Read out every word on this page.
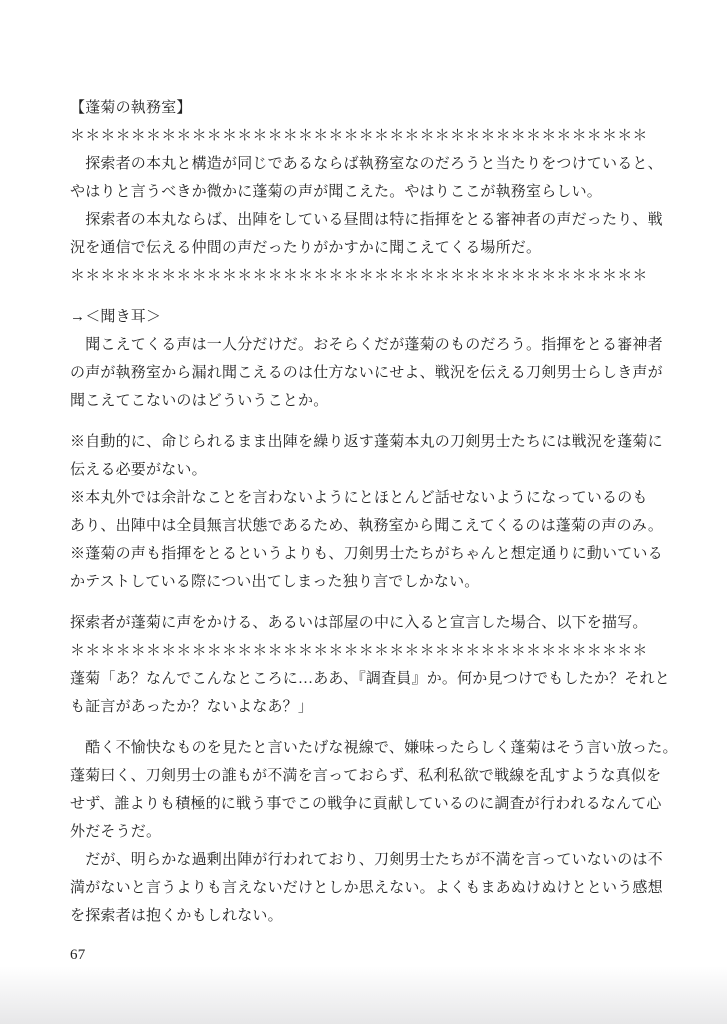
【蓬菊の執務室】
＊＊＊＊＊＊＊＊＊＊＊＊＊＊＊＊＊＊＊＊＊＊＊＊＊＊＊＊＊＊＊＊＊＊＊＊＊＊
　探索者の本丸と構造が同じであるならば執務室なのだろうと当たりをつけていると、
やはりと言うべきか微かに蓬菊の声が聞こえた。やはりここが執務室らしい。
　探索者の本丸ならば、出陣をしている昼間は特に指揮をとる審神者の声だったり、戦
況を通信で伝える仲間の声だったりがかすかに聞こえてくる場所だ。
＊＊＊＊＊＊＊＊＊＊＊＊＊＊＊＊＊＊＊＊＊＊＊＊＊＊＊＊＊＊＊＊＊＊＊＊＊＊
→＜聞き耳＞
　聞こえてくる声は一人分だけだ。おそらくだが蓬菊のものだろう。指揮をとる審神者
の声が執務室から漏れ聞こえるのは仕方ないにせよ、戦況を伝える刀剣男士らしき声が
聞こえてこないのはどういうことか。
※自動的に、命じられるまま出陣を繰り返す蓬菊本丸の刀剣男士たちには戦況を蓬菊に
伝える必要がない。
※本丸外では余計なことを言わないようにとほとんど話せないようになっているのも
あり、出陣中は全員無言状態であるため、執務室から聞こえてくるのは蓬菊の声のみ。
※蓬菊の声も指揮をとるというよりも、刀剣男士たちがちゃんと想定通りに動いている
かテストしている際につい出てしまった独り言でしかない。
探索者が蓬菊に声をかける、あるいは部屋の中に入ると宣言した場合、以下を描写。
＊＊＊＊＊＊＊＊＊＊＊＊＊＊＊＊＊＊＊＊＊＊＊＊＊＊＊＊＊＊＊＊＊＊＊＊＊＊
蓬菊「あ？なんでこんなところに…ああ、『調査員』か。何か見つけでもしたか？それと
も証言があったか？ないよなあ？」
　酷く不愉快なものを見たと言いたげな視線で、嫌味ったらしく蓬菊はそう言い放った。
蓬菊曰く、刀剣男士の誰もが不満を言っておらず、私利私欲で戦線を乱すような真似を
せず、誰よりも積極的に戦う事でこの戦争に貢献しているのに調査が行われるなんて心
外だそうだ。
　だが、明らかな過剰出陣が行われており、刀剣男士たちが不満を言っていないのは不
満がないと言うよりも言えないだけとしか思えない。よくもまあぬけぬけとという感想
を探索者は抱くかもしれない。
67
